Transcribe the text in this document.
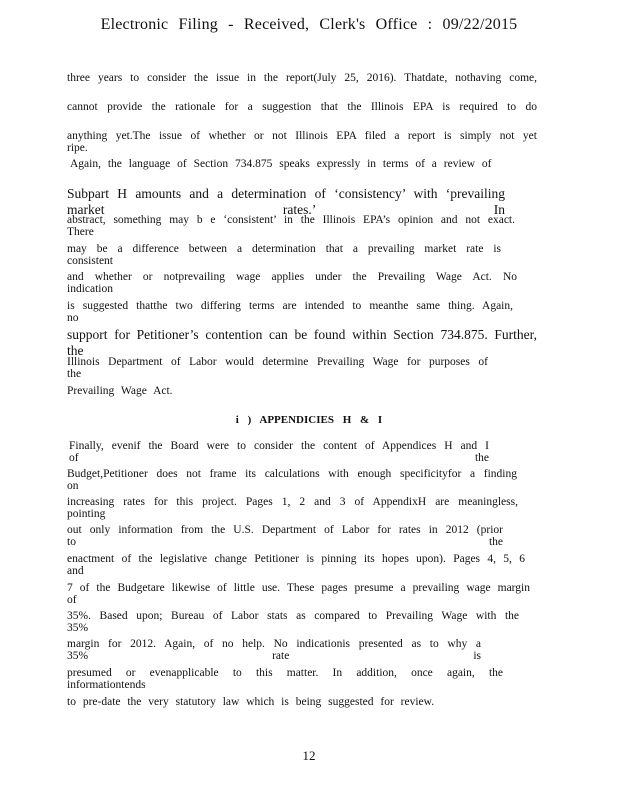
Electronic Filing - Received, Clerk's Office : 09/22/2015
three years to consider the issue in the report(July 25, 2016). Thatdate, nothaving come,
cannot provide the rationale for a suggestion that the Illinois EPA is required to do
anything yet.The issue of whether or not Illinois EPA filed a report is simply not yet ripe.
Again, the language of Section 734.875 speaks expressly in terms of a review of
Subpart H amounts and a determination of ‘consistency’ with ‘prevailing market rates.’ In
abstract, something may b e ‘consistent’ in the Illinois EPA’s opinion and not exact. There
may be a difference between a determination that a prevailing market rate is consistent
and whether or notprevailing wage applies under the Prevailing Wage Act. No indication
is suggested thatthe two differing terms are intended to meanthe same thing. Again, no
support for Petitioner’s contention can be found within Section 734.875. Further, the
Illinois Department of Labor would determine Prevailing Wage for purposes of the
Prevailing Wage Act.
i ) APPENDICIES H & I
Finally, evenif the Board were to consider the content of Appendices H and I of the
Budget,Petitioner does not frame its calculations with enough specificityfor a finding on
increasing rates for this project. Pages 1, 2 and 3 of AppendixH are meaningless, pointing
out only information from the U.S. Department of Labor for rates in 2012 (prior to the
enactment of the legislative change Petitioner is pinning its hopes upon). Pages 4, 5, 6 and
7 of the Budgetare likewise of little use. These pages presume a prevailing wage margin of
35%. Based upon; Bureau of Labor stats as compared to Prevailing Wage with the 35%
margin for 2012. Again, of no help. No indicationis presented as to why a 35% rate is
presumed or evenapplicable to this matter. In addition, once again, the informationtends
to pre-date the very statutory law which is being suggested for review.
12
